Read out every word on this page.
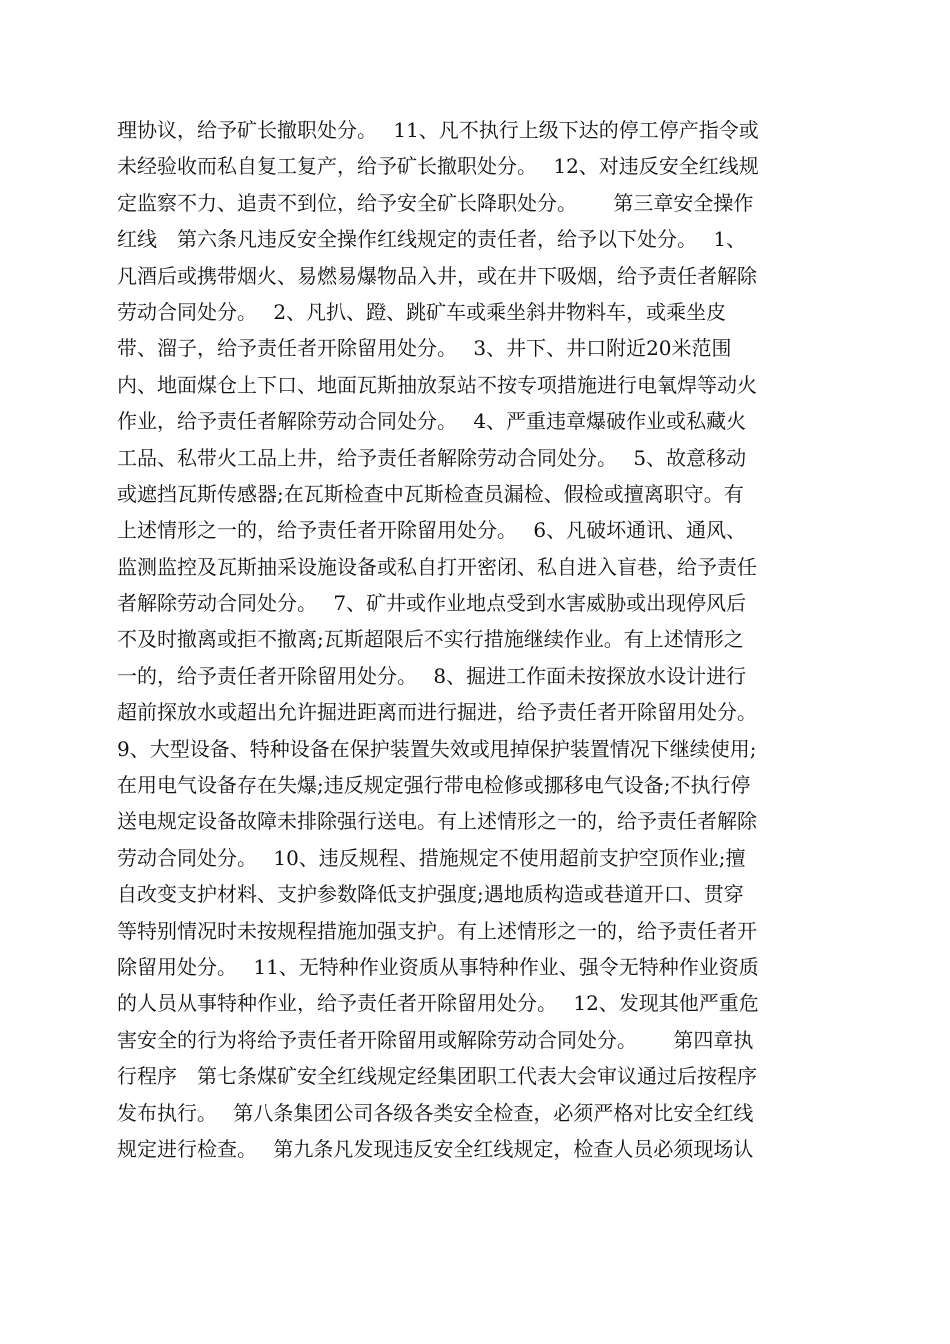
理协议，给予矿长撤职处分。　 11、凡不执行上级下达的停工停产指令或
未经验收而私自复工复产，给予矿长撤职处分。　 12、对违反安全红线规
定监察不力、追责不到位，给予安全矿长降职处分。　　 第三章安全操作
红线　第六条凡违反安全操作红线规定的责任者，给予以下处分。　 1、
凡酒后或携带烟火、易燃易爆物品入井，或在井下吸烟，给予责任者解除
劳动合同处分。　 2、凡扒、蹬、跳矿车或乘坐斜井物料车，或乘坐皮
带、溜子，给予责任者开除留用处分。　 3、井下、井口附近20米范围
内、地面煤仓上下口、地面瓦斯抽放泵站不按专项措施进行电氧焊等动火
作业，给予责任者解除劳动合同处分。　 4、严重违章爆破作业或私藏火
工品、私带火工品上井，给予责任者解除劳动合同处分。　 5、故意移动
或遮挡瓦斯传感器;在瓦斯检查中瓦斯检查员漏检、假检或擅离职守。有
上述情形之一的，给予责任者开除留用处分。　 6、凡破坏通讯、通风、
监测监控及瓦斯抽采设施设备或私自打开密闭、私自进入盲巷，给予责任
者解除劳动合同处分。　 7、矿井或作业地点受到水害威胁或出现停风后
不及时撤离或拒不撤离;瓦斯超限后不实行措施继续作业。有上述情形之
一的，给予责任者开除留用处分。　 8、掘进工作面未按探放水设计进行
超前探放水或超出允许掘进距离而进行掘进，给予责任者开除留用处分。
9、大型设备、特种设备在保护装置失效或甩掉保护装置情况下继续使用;
在用电气设备存在失爆;违反规定强行带电检修或挪移电气设备;不执行停
送电规定设备故障未排除强行送电。有上述情形之一的，给予责任者解除
劳动合同处分。　 10、违反规程、措施规定不使用超前支护空顶作业;擅
自改变支护材料、支护参数降低支护强度;遇地质构造或巷道开口、贯穿
等特别情况时未按规程措施加强支护。有上述情形之一的，给予责任者开
除留用处分。　 11、无特种作业资质从事特种作业、强令无特种作业资质
的人员从事特种作业，给予责任者开除留用处分。　 12、发现其他严重危
害安全的行为将给予责任者开除留用或解除劳动合同处分。　　 第四章执
行程序　第七条煤矿安全红线规定经集团职工代表大会审议通过后按程序
发布执行。　 第八条集团公司各级各类安全检查，必须严格对比安全红线
规定进行检查。　 第九条凡发现违反安全红线规定，检查人员必须现场认
